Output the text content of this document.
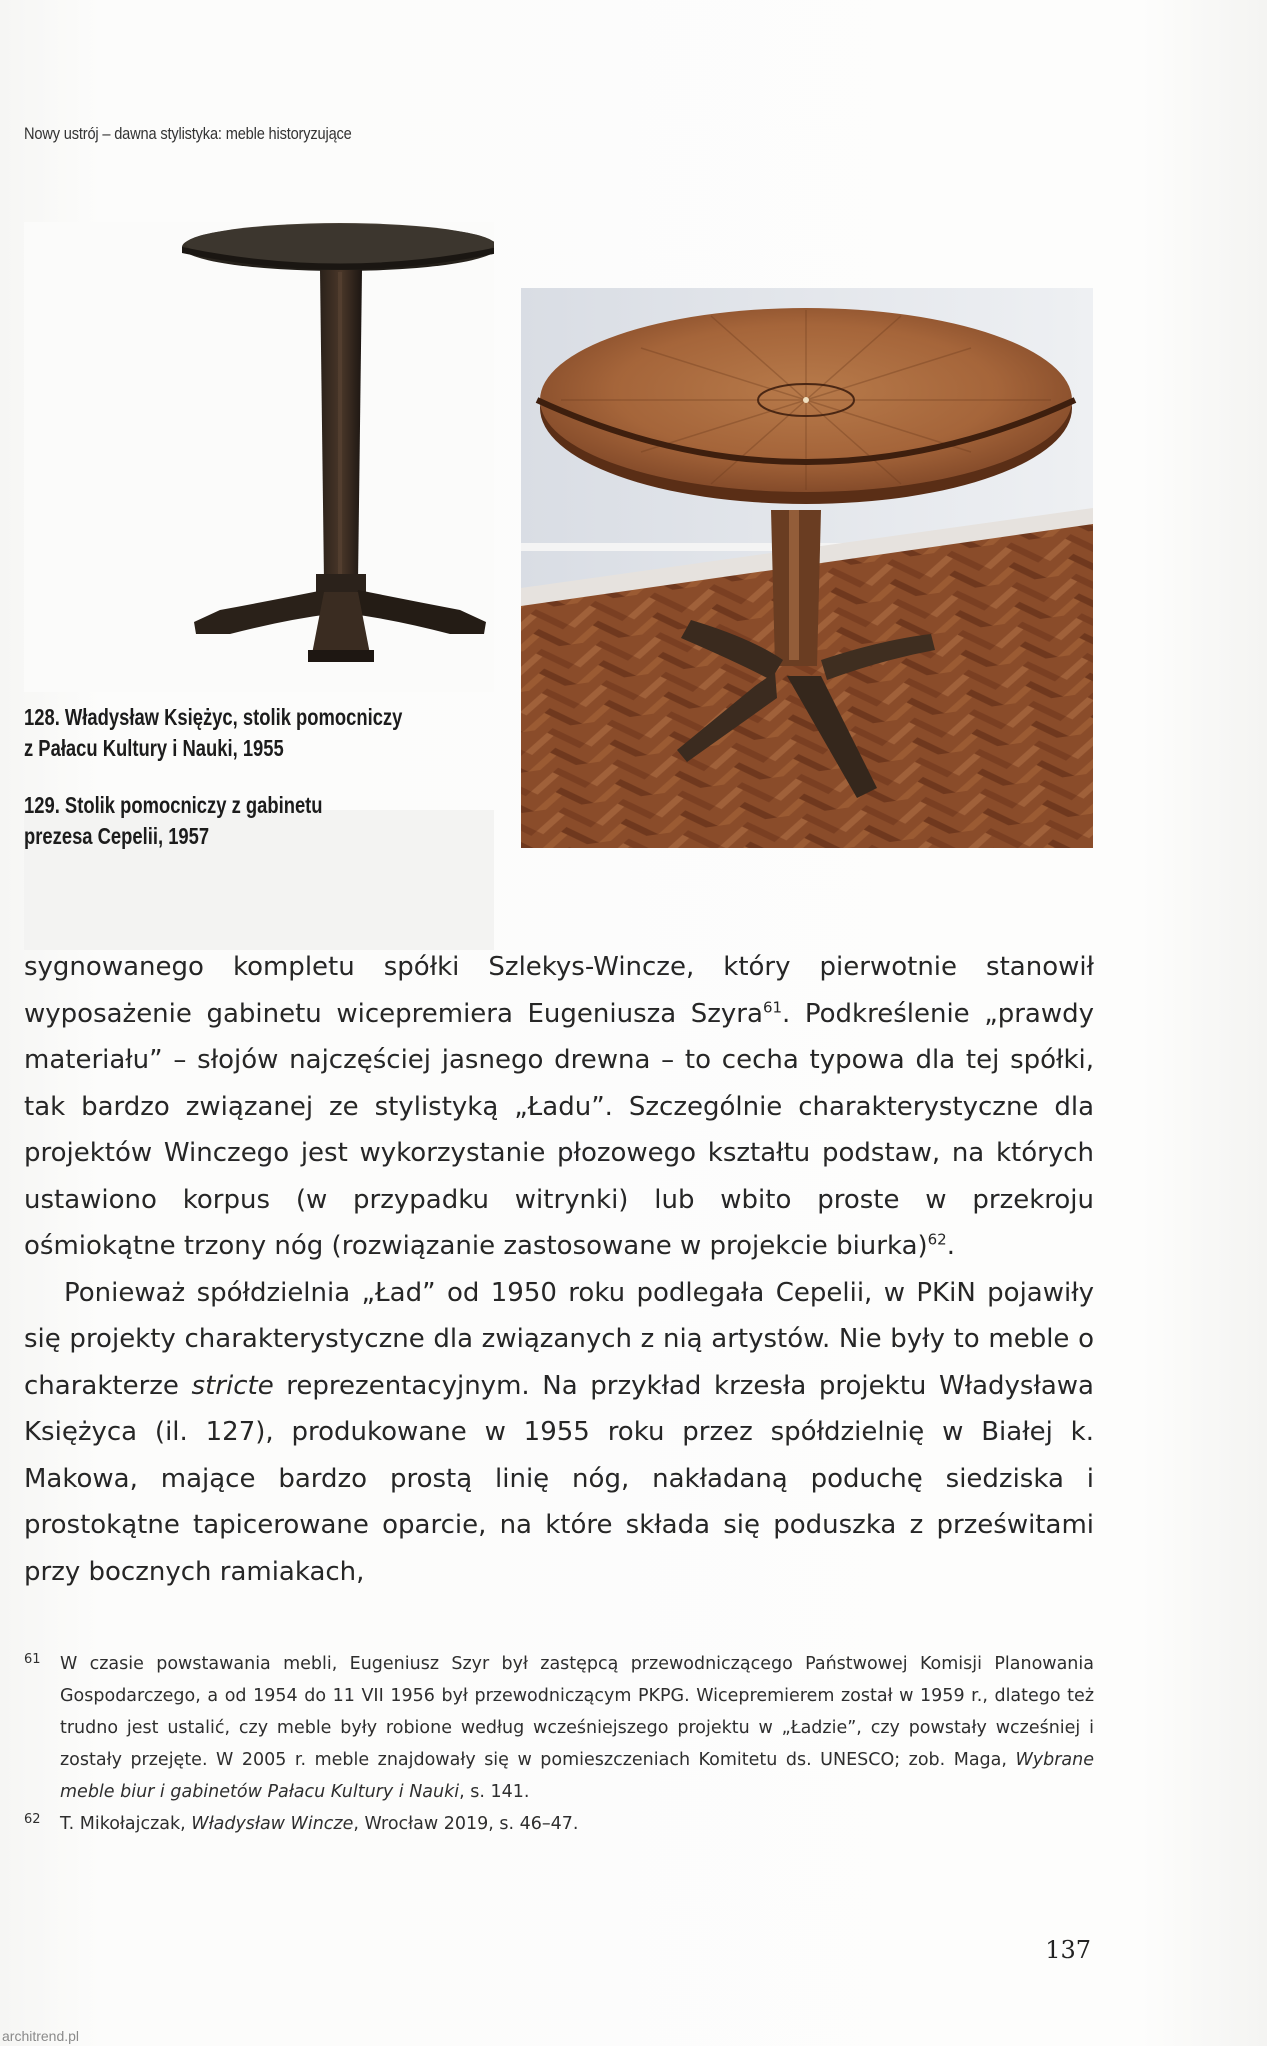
Nowy ustrój – dawna stylistyka: meble historyzujące
128. Władysław Księżyc, stolik pomocniczy
z Pałacu Kultury i Nauki, 1955
129. Stolik pomocniczy z gabinetu
prezesa Cepelii, 1957

sygnowanego kompletu spółki Szlekys-Wincze, który pierwotnie stanowił wyposażenie gabinetu wicepremiera Eugeniusza Szyra$^{61}$. Podkreślenie „prawdy materiału” – słojów najczęściej jasnego drewna – to cecha typowa dla tej spółki, tak bardzo związanej ze stylistyką „Ładu”. Szczególnie charakterystyczne dla projektów Winczego jest wykorzystanie płozowego kształtu podstaw, na których ustawiono korpus (w przypadku witrynki) lub wbito proste w przekroju ośmiokątne trzony nóg (rozwiązanie zastosowane w projekcie biurka)$^{62}$.

Ponieważ spółdzielnia „Ład” od 1950 roku podlegała Cepelii, w PKiN pojawiły się projekty charakterystyczne dla związanych z nią artystów. Nie były to meble o charakterze stricte reprezentacyjnym. Na przykład krzesła projektu Władysława Księżyca (il. 127), produkowane w 1955 roku przez spółdzielnię w Białej k. Makowa, mające bardzo prostą linię nóg, nakładaną poduchę siedziska i prostokątne tapicerowane oparcie, na które składa się poduszka z prześwitami przy bocznych ramiakach,

61 W czasie powstawania mebli, Eugeniusz Szyr był zastępcą przewodniczącego Państwowej Komisji Planowania Gospodarczego, a od 1954 do 11 VII 1956 był przewodniczącym PKPG. Wicepremierem został w 1959 r., dlatego też trudno jest ustalić, czy meble były robione według wcześniejszego projektu w „Ładzie”, czy powstały wcześniej i zostały przejęte. W 2005 r. meble znajdowały się w pomieszczeniach Komitetu ds. UNESCO; zob. Maga, Wybrane meble biur i gabinetów Pałacu Kultury i Nauki, s. 141.
62 T. Mikołajczak, Władysław Wincze, Wrocław 2019, s. 46–47.
137
architrend.pl
